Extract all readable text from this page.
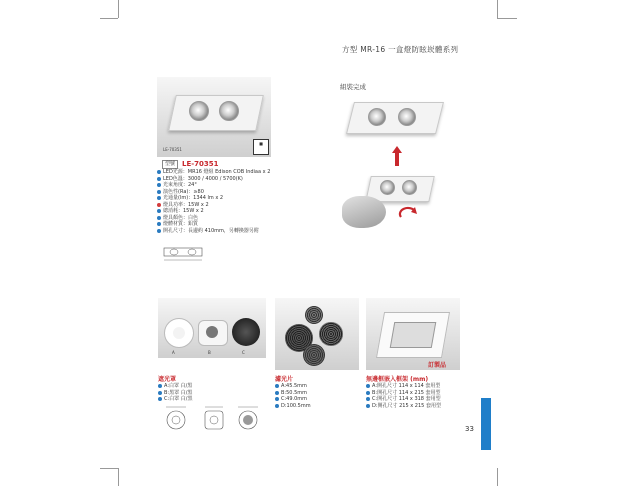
方型 MR-16 一盒燈防眩崁體系列
LE-70351
■
型號	LE-70351
LED光源：MR16 燈組 Edison COB Indiaa x 2
LED色溫：3000 / 4000 / 5700(K)
光束角度：24°
演色性(Ra)：≥80
光通量(lm)：1344 lm x 2
燈具功率：15W x 2
總消耗：15W x 2
燈具顏色：白色
燈體材質：鋁質
開孔尺寸：長邊約 410mm，另轉換器另附
組裝完成
A	B	C
訂製品
遮光罩
A:白罩 白/黑
B:黑罩 白/黑
C:白罩 白/黑
濾光片
A:45.5mm
B:50.5mm
C:49.0mm
D:100.5mm
無邊框嵌入框架 (mm)
A:開孔尺寸 114 x 114 套用型
B:開孔尺寸 114 x 215 套用型
C:開孔尺寸 114 x 318 套用型
D:開孔尺寸 215 x 215 套用型
33
